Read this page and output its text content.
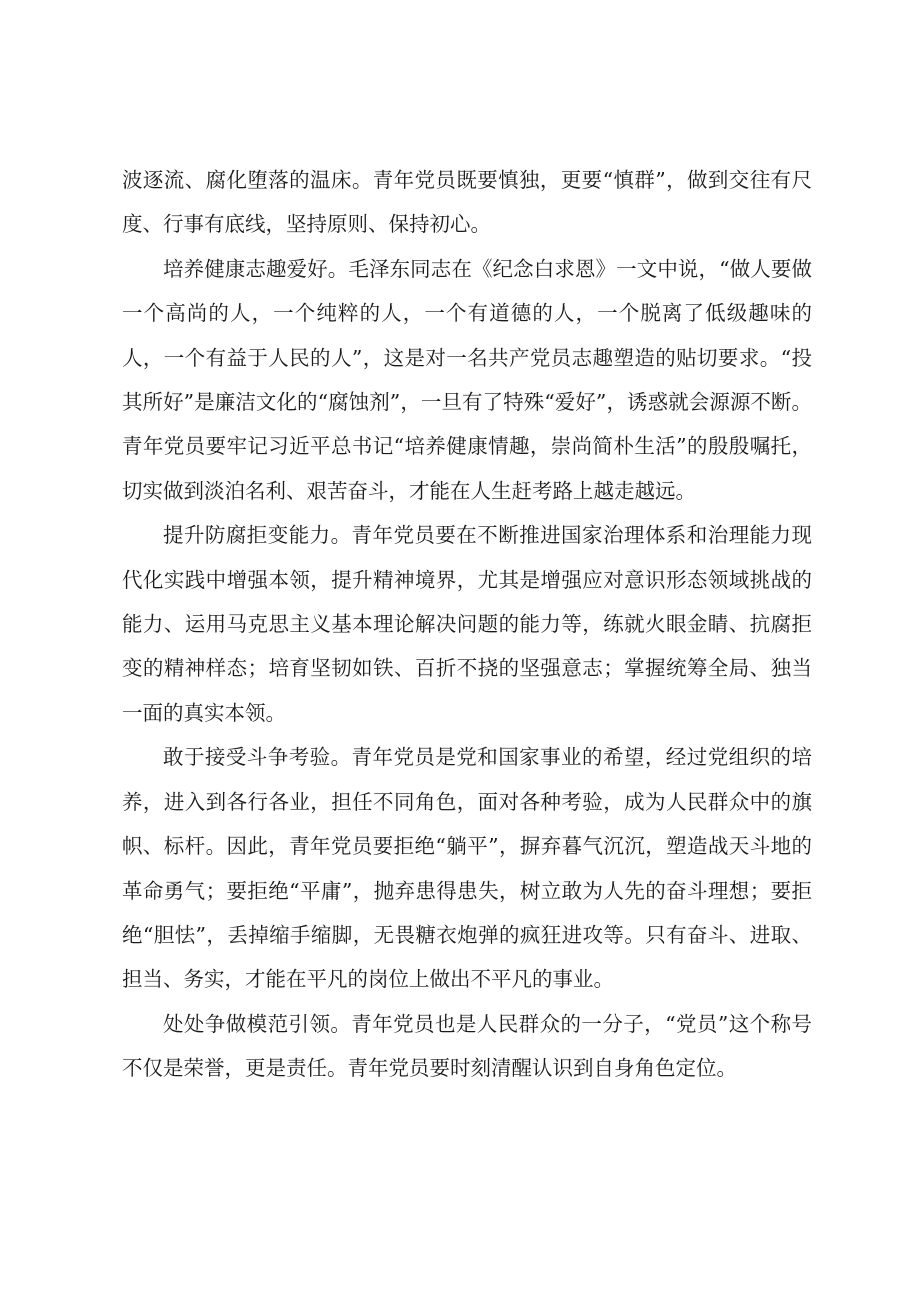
波逐流、腐化堕落的温床。青年党员既要慎独，更要“慎群”，做到交往有尺度、行事有底线，坚持原则、保持初心。

培养健康志趣爱好。毛泽东同志在《纪念白求恩》一文中说，“做人要做一个高尚的人，一个纯粹的人，一个有道德的人，一个脱离了低级趣味的人，一个有益于人民的人”，这是对一名共产党员志趣塑造的贴切要求。“投其所好”是廉洁文化的“腐蚀剂”，一旦有了特殊“爱好”，诱惑就会源源不断。青年党员要牢记习近平总书记“培养健康情趣，崇尚简朴生活”的殷殷嘱托，切实做到淡泊名利、艰苦奋斗，才能在人生赶考路上越走越远。

提升防腐拒变能力。青年党员要在不断推进国家治理体系和治理能力现代化实践中增强本领，提升精神境界，尤其是增强应对意识形态领域挑战的能力、运用马克思主义基本理论解决问题的能力等，练就火眼金睛、抗腐拒变的精神样态；培育坚韧如铁、百折不挠的坚强意志；掌握统筹全局、独当一面的真实本领。

敢于接受斗争考验。青年党员是党和国家事业的希望，经过党组织的培养，进入到各行各业，担任不同角色，面对各种考验，成为人民群众中的旗帜、标杆。因此，青年党员要拒绝“躺平”，摒弃暮气沉沉，塑造战天斗地的革命勇气；要拒绝“平庸”，抛弃患得患失，树立敢为人先的奋斗理想；要拒绝“胆怯”，丢掉缩手缩脚，无畏糖衣炮弹的疯狂进攻等。只有奋斗、进取、担当、务实，才能在平凡的岗位上做出不平凡的事业。

处处争做模范引领。青年党员也是人民群众的一分子，“党员”这个称号不仅是荣誉，更是责任。青年党员要时刻清醒认识到自身角色定位。
